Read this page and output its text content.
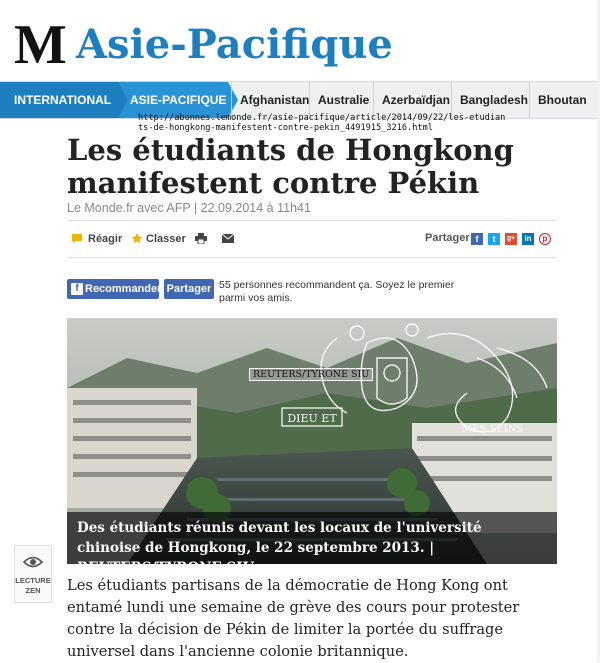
M Asie-Pacifique
INTERNATIONAL	ASIE-PACIFIQUE	Afghanistan Australie	Azerbaïdjan Bangladesh Bhoutan
http://abonnes.lemonde.fr/asie-pacifique/article/2014/09/22/les-etudiants-de-hongkong-manifestent-contre-pekin_4491915_3216.html
Les étudiants de Hongkong manifestent contre Pékin
Le Monde.fr avec AFP | 22.09.2014 à 11h41
Réagir Classer	Partager f	t	g+	in	p
Recommander
f	Partager 55 personnes recommandent ça. Soyez le premier parmi vos amis.
DIEU ET
MES SEINS
REUTERS/TYRONE SIU
Des étudiants réunis devant les locaux de l'université chinoise de Hongkong, le 22 septembre 2013. | REUTERS/TYRONE SIU
LECTURE
ZEN	Les étudiants partisans de la démocratie de Hong Kong ont entamé lundi une semaine de grève des cours pour protester contre la décision de Pékin de limiter la portée du suffrage universel dans l'ancienne colonie britannique.
